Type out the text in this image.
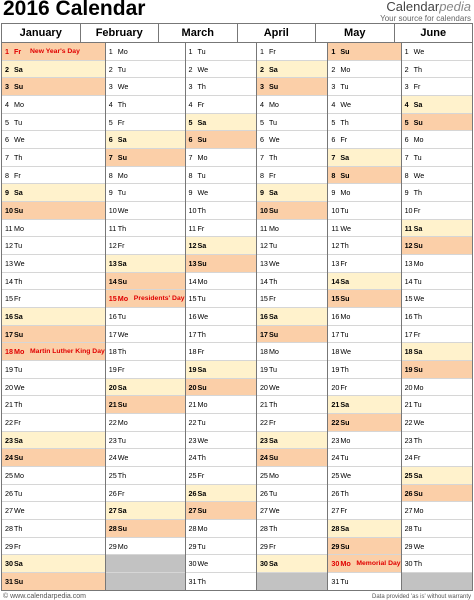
2016 Calendar	Calendarpedia
Your source for calendars
January	February	March	April	May	June
1 Fr	New Year's Day
2 Sa
3 Su
4 Mo
5 Tu
6 We
7 Th
8 Fr
9 Sa
10 Su
11 Mo
12 Tu
13 We
14 Th
15 Fr
16 Sa
17 Su
18 Mo Martin Luther King Day
19 Tu
20 We
21 Th
22 Fr
23 Sa
24 Su
25 Mo
26 Tu
27 We
28 Th
29 Fr
30 Sa
31 Su
1 Mo
2 Tu
3 We
4 Th
5 Fr
6 Sa
7 Su
8 Mo
9 Tu
10 We
11 Th
12 Fr
13 Sa
14 Su
15 Mo Presidents' Day
16 Tu
17 We
18 Th
19 Fr
20 Sa
21 Su
22 Mo
23 Tu
24 We
25 Th
26 Fr
27 Sa
28 Su
29 Mo
1 Tu
2 We
3 Th
4 Fr
5 Sa
6 Su
7 Mo
8 Tu
9 We
10 Th
11 Fr
12 Sa
13 Su
14 Mo
15 Tu
16 We
17 Th
18 Fr
19 Sa
20 Su
21 Mo
22 Tu
23 We
24 Th
25 Fr
26 Sa
27 Su
28 Mo
29 Tu
30 We
31 Th
1 Fr
2 Sa
3 Su
4 Mo
5 Tu
6 We
7 Th
8 Fr
9 Sa
10 Su
11 Mo
12 Tu
13 We
14 Th
15 Fr
16 Sa
17 Su
18 Mo
19 Tu
20 We
21 Th
22 Fr
23 Sa
24 Su
25 Mo
26 Tu
27 We
28 Th
29 Fr
30 Sa
1 Su
2 Mo
3 Tu
4 We
5 Th
6 Fr
7 Sa
8 Su
9 Mo
10 Tu
11 We
12 Th
13 Fr
14 Sa
15 Su
16 Mo
17 Tu
18 We
19 Th
20 Fr
21 Sa
22 Su
23 Mo
24 Tu
25 We
26 Th
27 Fr
28 Sa
29 Su
30 Mo Memorial Day
31 Tu
1 We
2 Th
3 Fr
4 Sa
5 Su
6 Mo
7 Tu
8 We
9 Th
10 Fr
11 Sa
12 Su
13 Mo
14 Tu
15 We
16 Th
17 Fr
18 Sa
19 Su
20 Mo
21 Tu
22 We
23 Th
24 Fr
25 Sa
26 Su
27 Mo
28 Tu
29 We
30 Th
© www.calendarpedia.com	Data provided 'as is' without warranty
